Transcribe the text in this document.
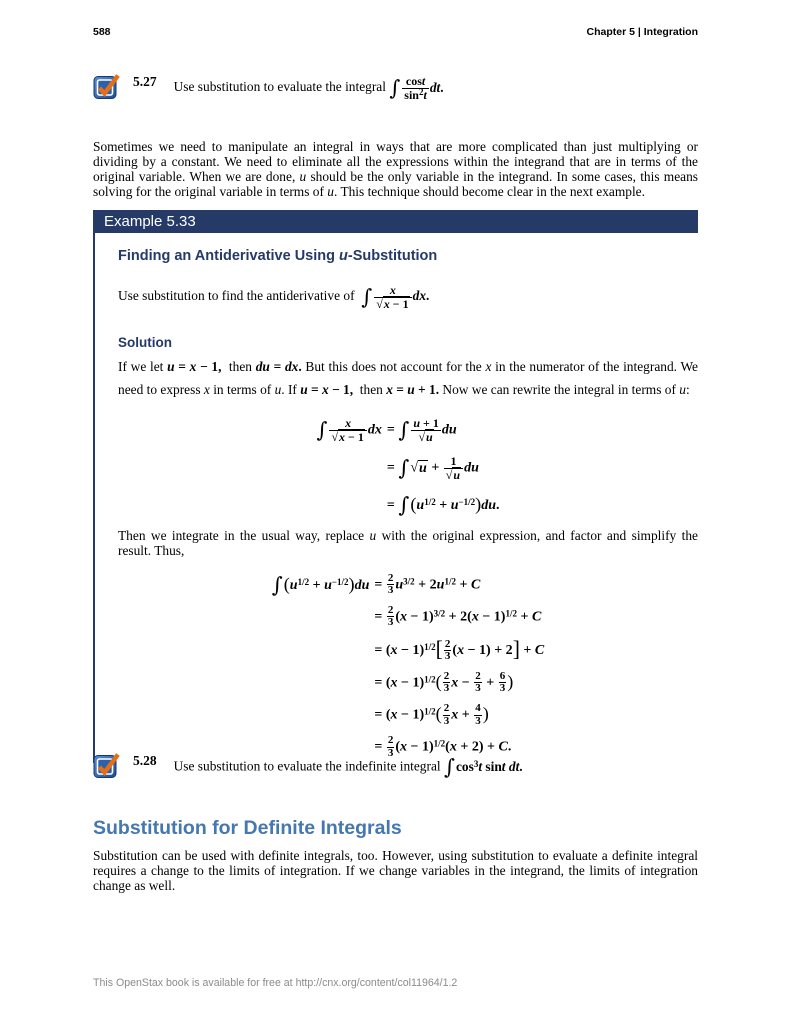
588	Chapter 5 | Integration
5.27 Use substitution to evaluate the integral ∫ $\frac{\cos t}{\sin^2t}$ dt.

Sometimes we need to manipulate an integral in ways that are more complicated than just multiplying or dividing by a constant. We need to eliminate all the expressions within the integrand that are in terms of the original variable. When we are done, u should be the only variable in the integrand. In some cases, this means solving for the original variable in terms of u. This technique should become clear in the next example.

Example 5.33
Finding an Antiderivative Using u-Substitution

Use substitution to find the antiderivative of  ∫ $\frac{x}{√x - 1}$ dx.

Solution

If we let u = x − 1,  then du = dx. But this does not account for the x in the numerator of the integrand. We need to express x in terms of u. If u = x − 1,  then x = u + 1. Now we can rewrite the integral in terms of u:

∫ $\frac{x}{√x - 1}$ dx	= ∫ $\frac{u + 1}{√u}$ du
	= $\int√u + \frac{1}{√u}$ du
	= $\int(u^{1/2} + u^{-1/2})du$.

Then we integrate in the usual way, replace u with the original expression, and factor and simplify the result. Thus,

$\int(u^{1/2} + u^{-1/2})du$	= $\frac{2}{3} u^{3/2} + 2u^{1/2} + C$
	= $\frac{2}{3} (x - 1)^{3/2} + 2(x - 1)^{1/2} + C$
	= $(x - 1)^{1/2}[ \frac{2}{3} (x - 1) + 2] + C$
	= $(x - 1)^{1/2}( \frac{2}{3}$ $x - \frac{2}{3} + \frac{6}{3}$ )
	= $(x - 1)^{1/2}( \frac{2}{3}$ $x + \frac{4}{3}$ )
	= $\frac{2}{3} (x - 1)^{1/2}(x + 2) + C$.
5.28 Use substitution to evaluate the indefinite integral $\int\cos^3t$ sint dt.
Substitution for Definite Integrals

Substitution can be used with definite integrals, too. However, using substitution to evaluate a definite integral requires a change to the limits of integration. If we change variables in the integrand, the limits of integration change as well.

This OpenStax book is available for free at http://cnx.org/content/col11964/1.2
